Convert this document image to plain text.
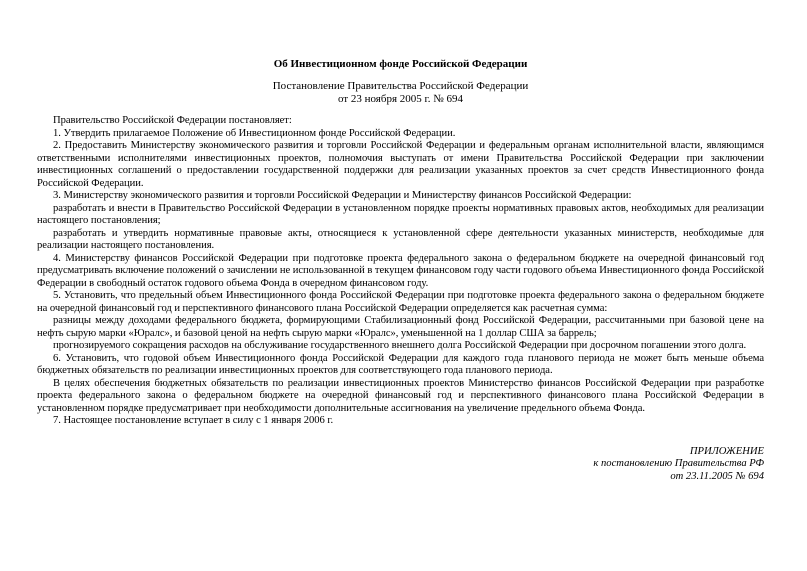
Об Инвестиционном фонде Российской Федерации
Постановление Правительства Российской Федерации
от 23 ноября 2005 г. № 694

Правительство Российской Федерации постановляет:

1. Утвердить прилагаемое Положение об Инвестиционном фонде Российской Федерации.

2. Предоставить Министерству экономического развития и торговли Российской Федерации и федеральным органам исполнительной власти, являющимся ответственными исполнителями инвестиционных проектов, полномочия выступать от имени Правительства Российской Федерации при заключении инвестиционных соглашений о предоставлении государственной поддержки для реализации указанных проектов за счет средств Инвестиционного фонда Российской Федерации.

3. Министерству экономического развития и торговли Российской Федерации и Министерству финансов Российской Федерации:

разработать и внести в Правительство Российской Федерации в установленном порядке проекты нормативных правовых актов, необходимых для реализации настоящего постановления;

разработать и утвердить нормативные правовые акты, относящиеся к установленной сфере деятельности указанных министерств, необходимые для реализации настоящего постановления.

4. Министерству финансов Российской Федерации при подготовке проекта федерального закона о федеральном бюджете на очередной финансовый год предусматривать включение положений о зачислении не использованной в текущем финансовом году части годового объема Инвестиционного фонда Российской Федерации в свободный остаток годового объема Фонда в очередном финансовом году.

5. Установить, что предельный объем Инвестиционного фонда Российской Федерации при подготовке проекта федерального закона о федеральном бюджете на очередной финансовый год и перспективного финансового плана Российской Федерации определяется как расчетная сумма:

разницы между доходами федерального бюджета, формирующими Стабилизационный фонд Российской Федерации, рассчитанными при базовой цене на нефть сырую марки «Юралс», и базовой ценой на нефть сырую марки «Юралс», уменьшенной на 1 доллар США за баррель;

прогнозируемого сокращения расходов на обслуживание государственного внешнего долга Российской Федерации при досрочном погашении этого долга.

6. Установить, что годовой объем Инвестиционного фонда Российской Федерации для каждого года планового периода не может быть меньше объема бюджетных обязательств по реализации инвестиционных проектов для соответствующего года планового периода.

В целях обеспечения бюджетных обязательств по реализации инвестиционных проектов Министерство финансов Российской Федерации при разработке проекта федерального закона о федеральном бюджете на очередной финансовый год и перспективного финансового плана Российской Федерации в установленном порядке предусматривает при необходимости дополнительные ассигнования на увеличение предельного объема Фонда.

7. Настоящее постановление вступает в силу с 1 января 2006 г.

ПРИЛОЖЕНИЕ
к постановлению Правительства РФ
от 23.11.2005 № 694
